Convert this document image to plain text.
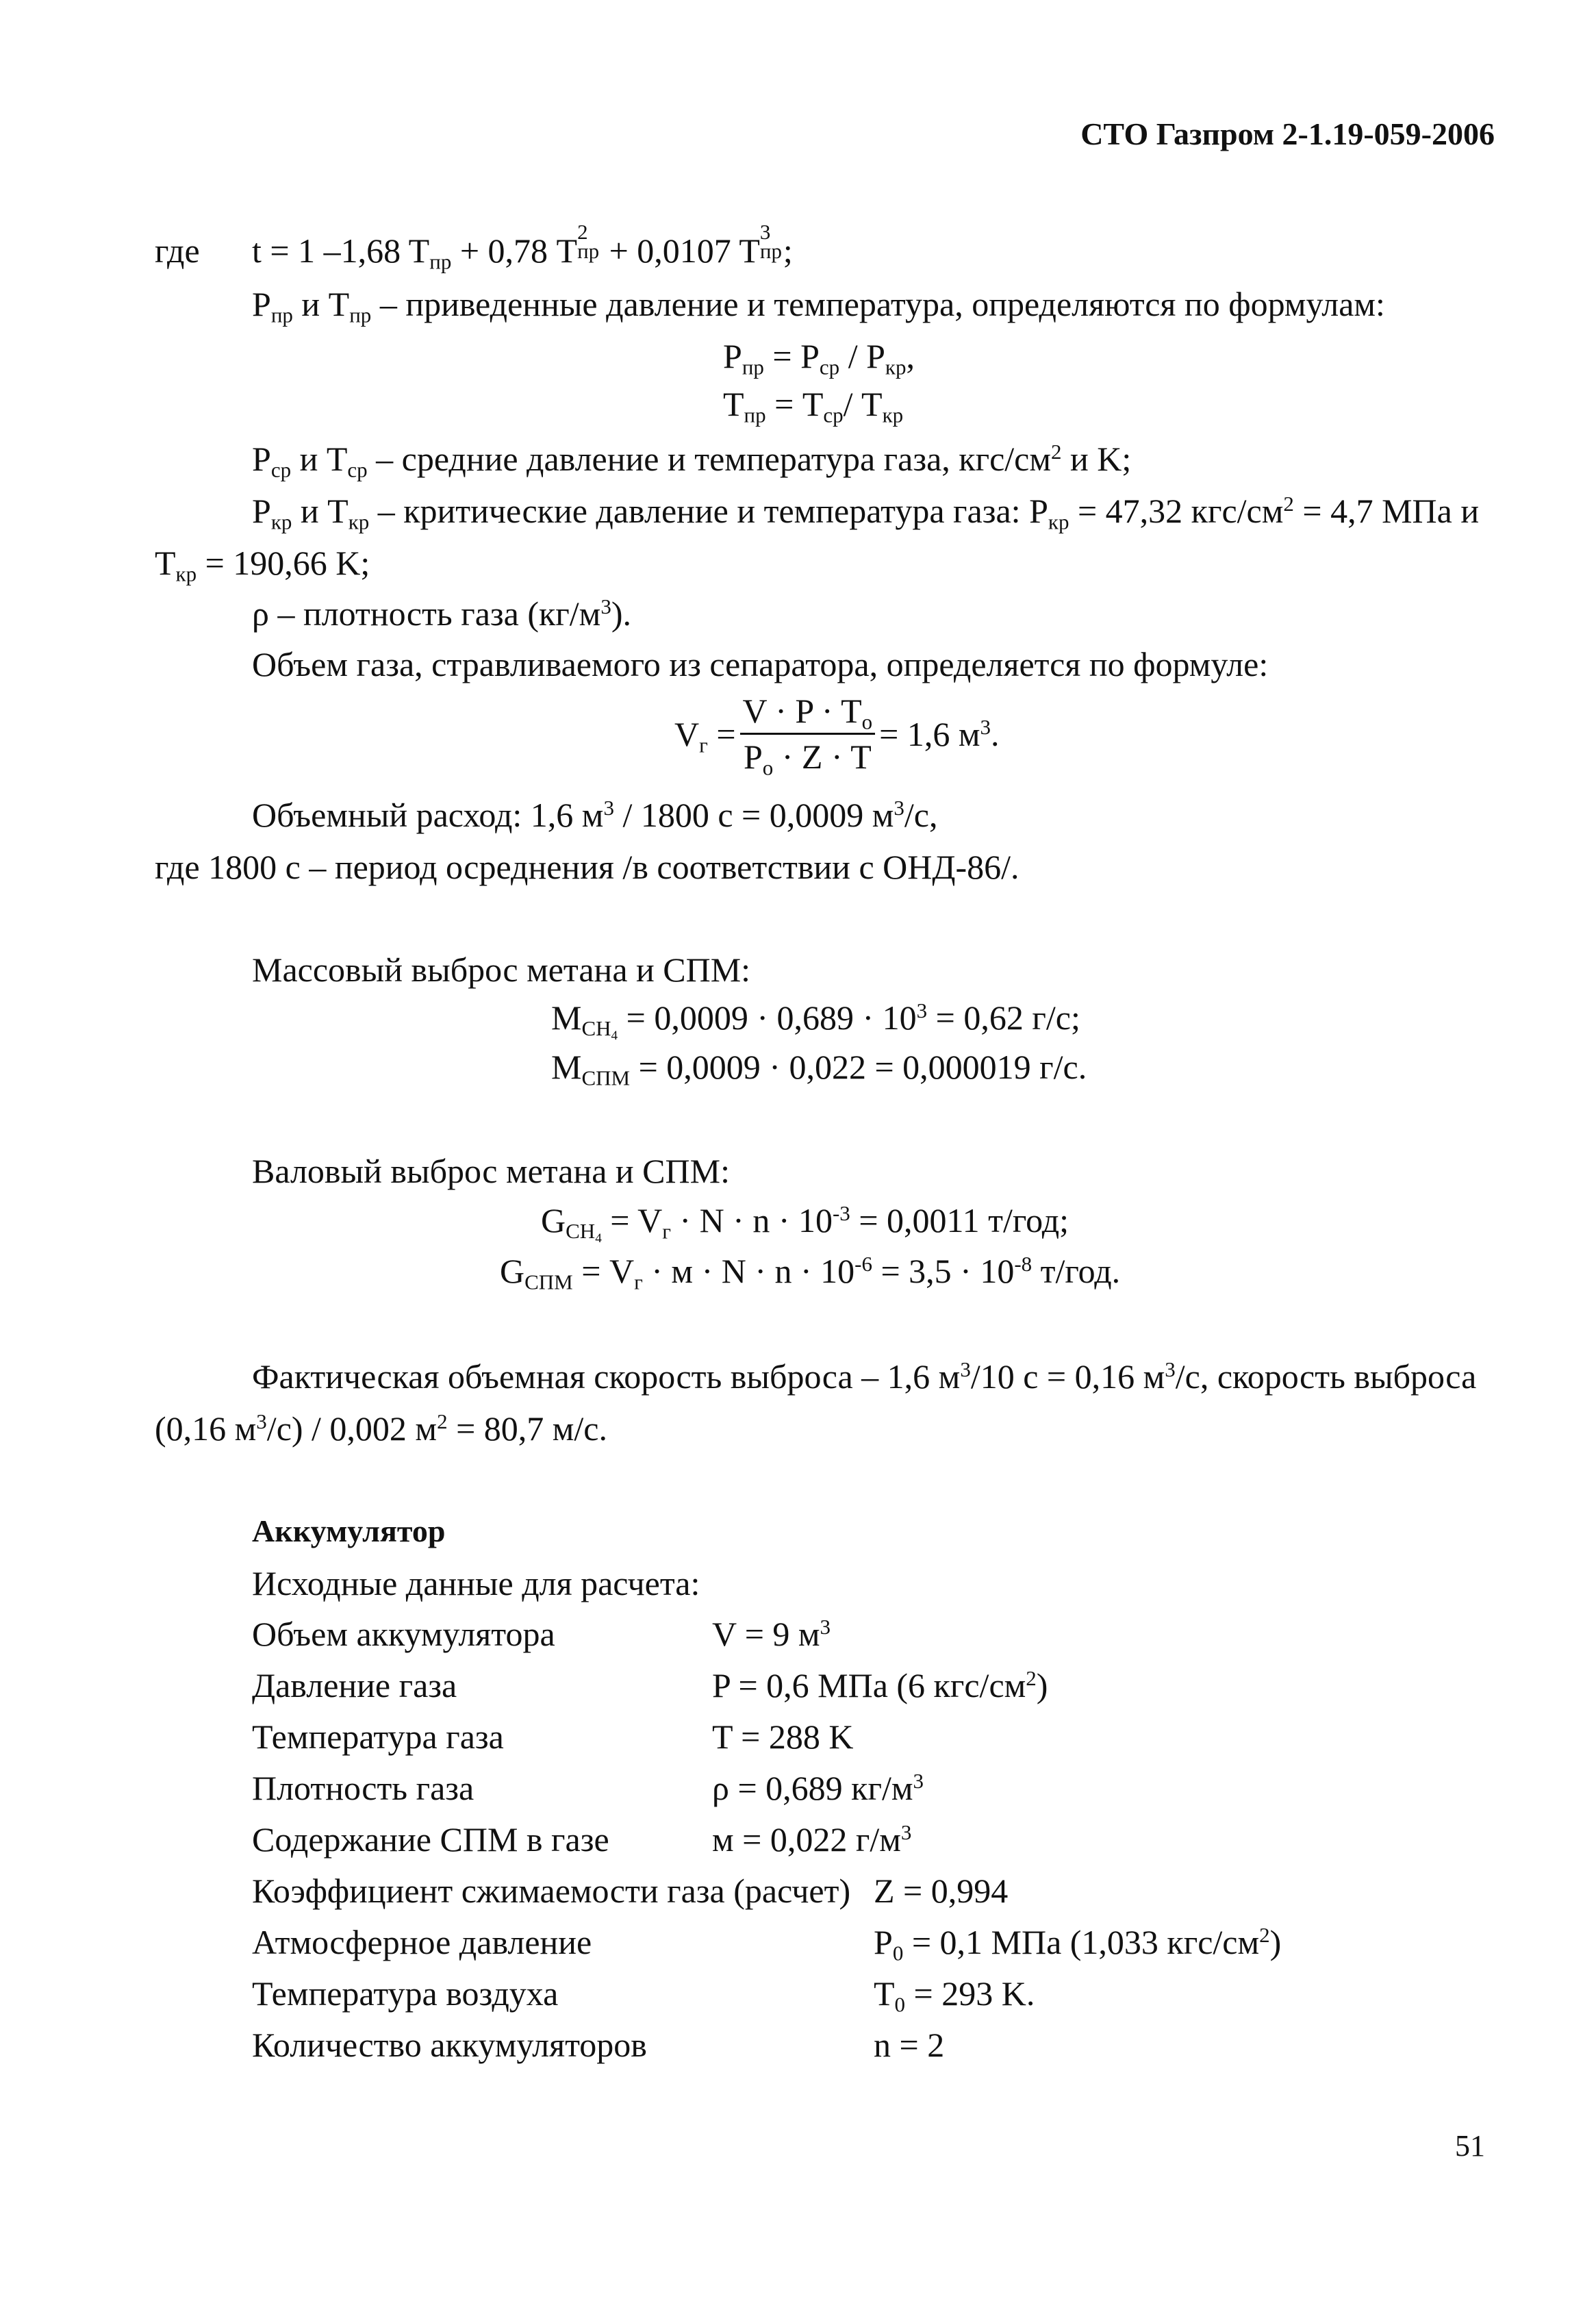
СТО Газпром 2-1.19-059-2006
где t = 1 –1,68 $T_{пр} + 0,78$ T 2
пр + 0,0107 T 3
пр ;
$P_{пр}$ и $T_{пр}$ – приведенные давление и температура, определяются по формулам:
$P_{пр} = P_{ср} / P_{кр}$,
$T_{пр} = T_{ср}/$ $T_{кр}$
$P_{ср}$ и $T_{ср}$ – средние давление и температура газа, кгс/$см^2$ и K;
$P_{кр}$ и $T_{кр}$ – критические давление и температура газа: $P_{кр} = 47,32$ кгс/$см^2 = 4,7$ МПа и
$T_{кр} = 190,66$ K;
ρ – плотность газа $(кг/м^3)$.
Объем газа, стравливаемого из сепаратора, определяется по формуле:
$V_г = \frac{V \cdot P \cdot T_o}{P_o \cdot Z \cdot T} = 1,6$ $м^3$.
Объемный расход: 1,6 $м^3 / 1800$ с = 0,0009 $м^3/с$,
где 1800 с – период осреднения /в соответствии с ОНД-86/.
Массовый выброс метана и СПМ:
$M_{CH_4} = 0,0009 \cdot 0,689 \cdot 10^3 = 0,62$ г/с;
$M_{СПМ} = 0,0009 \cdot 0,022 = 0,000019$ г/с.
Валовый выброс метана и СПМ:
$G_{CH_4} = V_г \cdot N \cdot n \cdot 10^{-3} = 0,0011$ т/год;
$G_{СПМ} = V_г \cdot м \cdot N \cdot n \cdot 10^{-6} = 3,5 \cdot 10^{-8}$ т/год.
Фактическая объемная скорость выброса – 1,6 $м^3/10$ с = 0,16 $м^3/с$, скорость выброса
(0,16 $м^3/с) / 0,002$ $м^2 = 80,7$ м/с.
Аккумулятор
Исходные данные для расчета:
Объем аккумулятора	V = 9 $м^3$
Давление газа	P = 0,6 МПа (6 кгс/$см^2$)
Температура газа	T = 288 K
Плотность газа	ρ = 0,689 $кг/м^3$
Содержание СПМ в газе	м = 0,022 $г/м^3$
Коэффициент сжимаемости газа (расчет) Z = 0,994
Атмосферное давление	$P_0 = 0,1$ МПа (1,033 кгс/$см^2$)
Температура воздуха	$T_0 = 293$ K.
Количество аккумуляторов	n = 2
51
